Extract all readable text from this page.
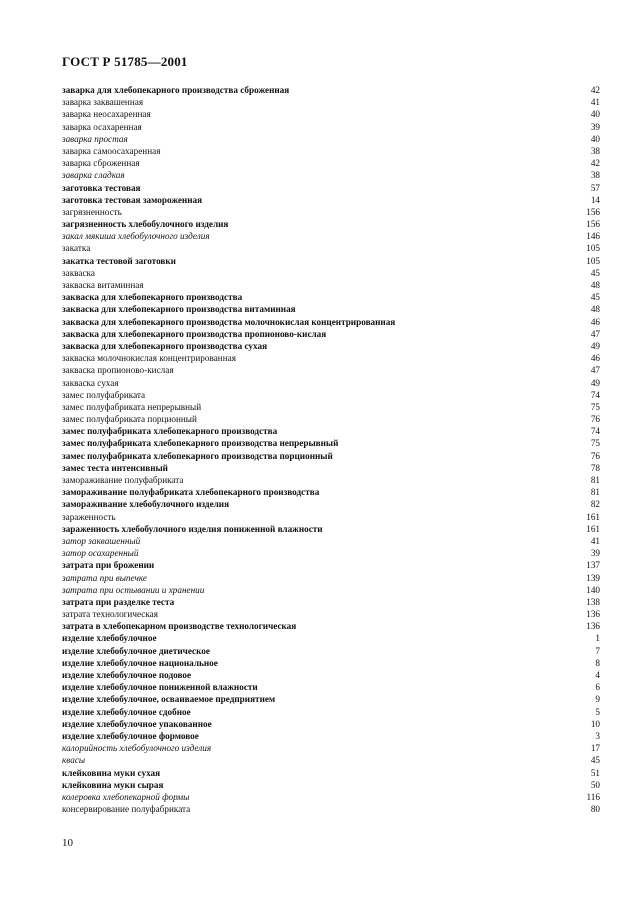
ГОСТ Р 51785—2001
заварка для хлебопекарного производства сброженная	42
заварка заквашенная	41
заварка неосахаренная	40
заварка осахаренная	39
заварка простая	40
заварка самоосахаренная	38
заварка сброженная	42
заварка сладкая	38
заготовка тестовая	57
заготовка тестовая замороженная	14
загрязненность	156
загрязненность хлебобулочного изделия	156
закал мякиша хлебобулочного изделия	146
закатка	105
закатка тестовой заготовки	105
закваска	45
закваска витаминная	48
закваска для хлебопекарного производства	45
закваска для хлебопекарного производства витаминная	48
закваска для хлебопекарного производства молочнокислая концентрированная	46
закваска для хлебопекарного производства пропионово-кислая	47
закваска для хлебопекарного производства сухая	49
закваска молочнокислая концентрированная	46
закваска пропионово-кислая	47
закваска сухая	49
замес полуфабриката	74
замес полуфабриката непрерывный	75
замес полуфабриката порционный	76
замес полуфабриката хлебопекарного производства	74
замес полуфабриката хлебопекарного производства непрерывный	75
замес полуфабриката хлебопекарного производства порционный	76
замес теста интенсивный	78
замораживание полуфабриката	81
замораживание полуфабриката хлебопекарного производства	81
замораживание хлебобулочного изделия	82
зараженность	161
зараженность хлебобулочного изделия пониженной влажности	161
затор заквашенный	41
затор осахаренный	39
затрата при брожении	137
затрата при выпечке	139
затрата при остывании и хранении	140
затрата при разделке теста	138
затрата технологическая	136
затрата в хлебопекарном производстве технологическая	136
изделие хлебобулочное	1
изделие хлебобулочное диетическое	7
изделие хлебобулочное национальное	8
изделие хлебобулочное подовое	4
изделие хлебобулочное пониженной влажности	6
изделие хлебобулочное, осваиваемое предприятием	9
изделие хлебобулочное сдобное	5
изделие хлебобулочное упакованное	10
изделие хлебобулочное формовое	3
калорийность хлебобулочного изделия	17
квасы	45
клейковина муки сухая	51
клейковина муки сырая	50
колеровка хлебопекарной формы	116
консервирование полуфабриката	80
10
